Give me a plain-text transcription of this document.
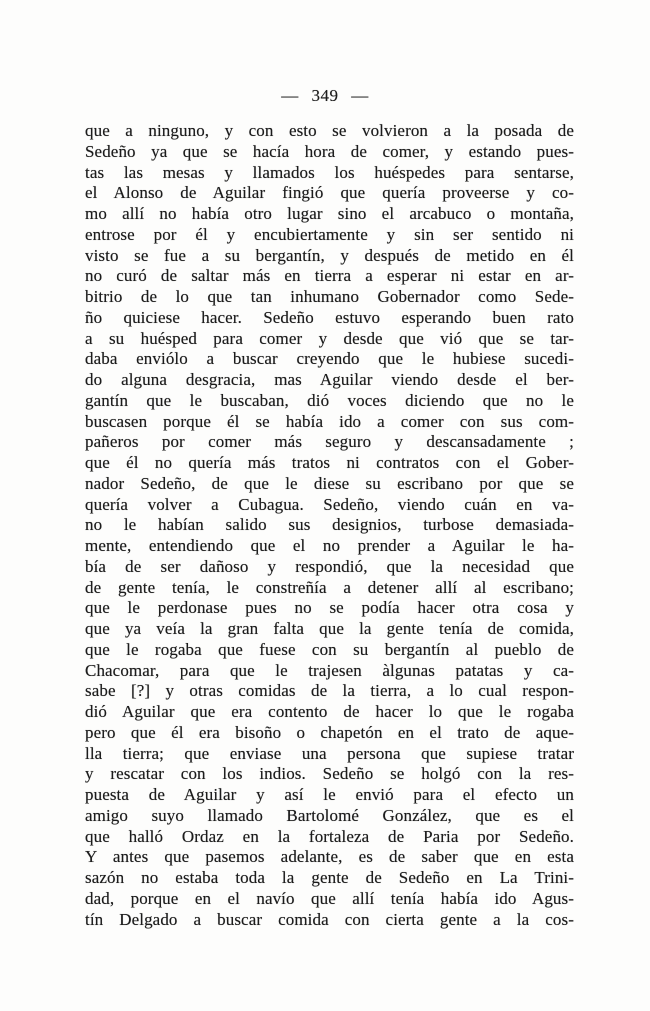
— 349 —
que a ninguno, y con esto se volvieron a la posada de
Sedeño ya que se hacía hora de comer, y estando pues-
tas las mesas y llamados los huéspedes para sentarse,
el Alonso de Aguilar fingió que quería proveerse y co-
mo allí no había otro lugar sino el arcabuco o montaña,
entrose por él y encubiertamente y sin ser sentido ni
visto se fue a su bergantín, y después de metido en él
no curó de saltar más en tierra a esperar ni estar en ar-
bitrio de lo que tan inhumano Gobernador como Sede-
ño quiciese hacer. Sedeño estuvo esperando buen rato
a su huésped para comer y desde que vió que se tar-
daba enviólo a buscar creyendo que le hubiese sucedi-
do alguna desgracia, mas Aguilar viendo desde el ber-
gantín que le buscaban, dió voces diciendo que no le
buscasen porque él se había ido a comer con sus com-
pañeros por comer más seguro y descansadamente ;
que él no quería más tratos ni contratos con el Gober-
nador Sedeño, de que le diese su escribano por que se
quería volver a Cubagua. Sedeño, viendo cuán en va-
no le habían salido sus designios, turbose demasiada-
mente, entendiendo que el no prender a Aguilar le ha-
bía de ser dañoso y respondió, que la necesidad que
de gente tenía, le constreñía a detener allí al escribano;
que le perdonase pues no se podía hacer otra cosa y
que ya veía la gran falta que la gente tenía de comida,
que le rogaba que fuese con su bergantín al pueblo de
Chacomar, para que le trajesen àlgunas patatas y ca-
sabe [?] y otras comidas de la tierra, a lo cual respon-
dió Aguilar que era contento de hacer lo que le rogaba
pero que él era bisoño o chapetón en el trato de aque-
lla tierra; que enviase una persona que supiese tratar
y rescatar con los indios. Sedeño se holgó con la res-
puesta de Aguilar y así le envió para el efecto un
amigo suyo llamado Bartolomé González, que es el
que halló Ordaz en la fortaleza de Paria por Sedeño.
Y antes que pasemos adelante, es de saber que en esta
sazón no estaba toda la gente de Sedeño en La Trini-
dad, porque en el navío que allí tenía había ido Agus-
tín Delgado a buscar comida con cierta gente a la cos-
